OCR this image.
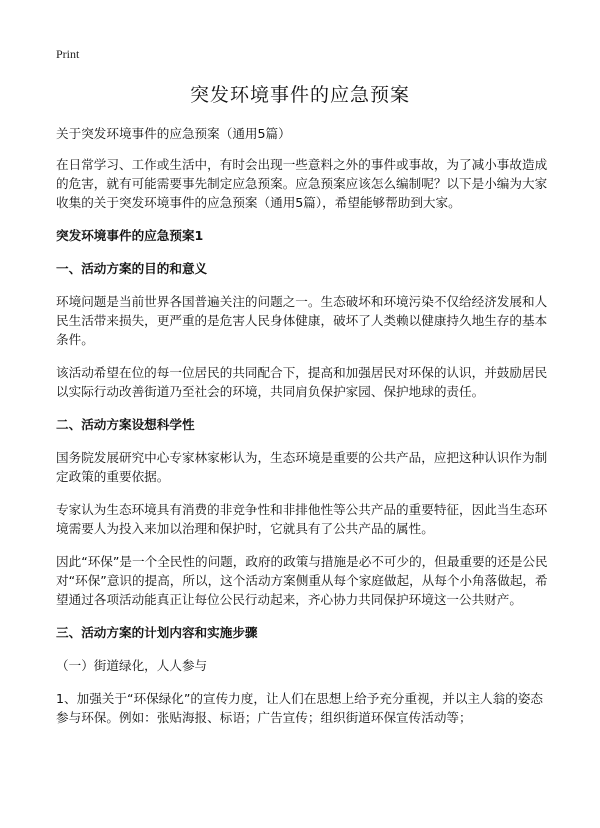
Print
突发环境事件的应急预案

关于突发环境事件的应急预案（通用5篇）

在日常学习、工作或生活中，有时会出现一些意料之外的事件或事故，为了减小事故造成的危害，就有可能需要事先制定应急预案。应急预案应该怎么编制呢？以下是小编为大家收集的关于突发环境事件的应急预案（通用5篇），希望能够帮助到大家。

突发环境事件的应急预案1

一、活动方案的目的和意义

环境问题是当前世界各国普遍关注的问题之一。生态破坏和环境污染不仅给经济发展和人民生活带来损失，更严重的是危害人民身体健康，破坏了人类赖以健康持久地生存的基本条件。

该活动希望在位的每一位居民的共同配合下，提高和加强居民对环保的认识，并鼓励居民以实际行动改善街道乃至社会的环境，共同肩负保护家园、保护地球的责任。

二、活动方案设想科学性

国务院发展研究中心专家林家彬认为，生态环境是重要的公共产品，应把这种认识作为制定政策的重要依据。

专家认为生态环境具有消费的非竞争性和非排他性等公共产品的重要特征，因此当生态环境需要人为投入来加以治理和保护时，它就具有了公共产品的属性。

因此“环保”是一个全民性的问题，政府的政策与措施是必不可少的，但最重要的还是公民对“环保”意识的提高，所以，这个活动方案侧重从每个家庭做起，从每个小角落做起，希望通过各项活动能真正让每位公民行动起来，齐心协力共同保护环境这一公共财产。

三、活动方案的计划内容和实施步骤

（一）街道绿化，人人参与

1、加强关于“环保绿化”的宣传力度，让人们在思想上给予充分重视，并以主人翁的姿态参与环保。例如：张贴海报、标语；广告宣传；组织街道环保宣传活动等；
